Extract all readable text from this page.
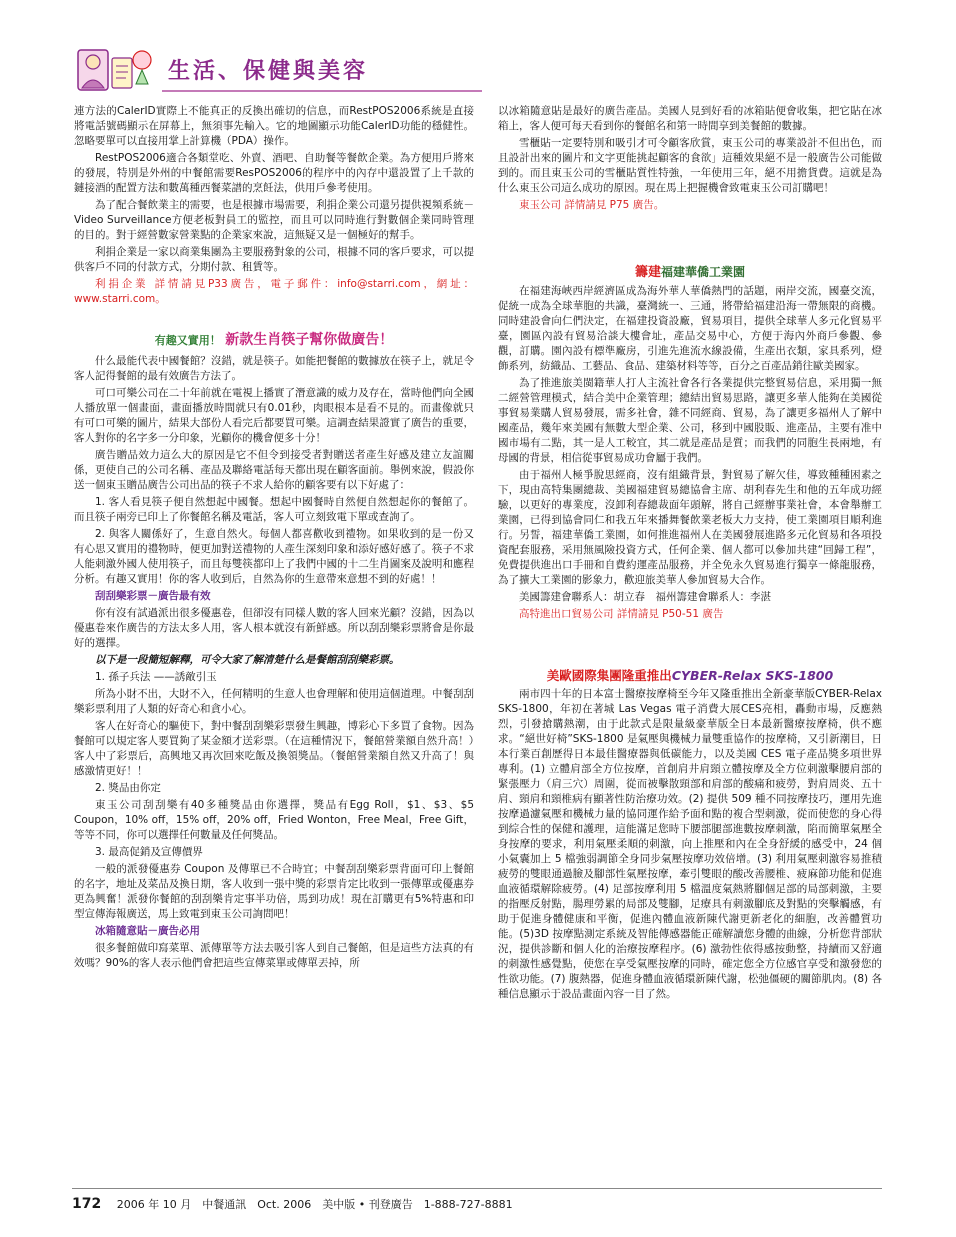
生活、保健與美容

連方法的CalerID實際上不能真正的反換出確切的信息，而RestPOS2006系統是直接將電話號碼顯示在屏幕上，無須事先輸入。它的地圖顯示功能CalerID功能的穩健性。忽略要單可以直接用掌上計算機（PDA）操作。

RestPOS2006適合各類堂吃、外賣、酒吧、自助餐等餐飲企業。為方便用戶將來的發展，特別是外州的中餐館需要ResPOS2006的程序中的內存中還設置了上千款的鏈接酒的配置方法和數萬種西餐菜譜的烹飪法，供用戶參考使用。

為了配合餐飲業主的需要，也是根據市場需要，利捐企業公司還另提供視頻系統－Video Surveillance方便老板對員工的監控，而且可以同時進行對數個企業同時管理的目的。對于經營數家營業點的企業家來說，這無疑又是一個極好的幫手。

利捐企業是一家以商業集團為主要服務對象的公司，根據不同的客戶要求，可以提供客戶不同的付款方式，分期付款、租賃等。

利捐企業 詳情請見P33廣告，電子郵件：info@starri.com，網址：www.starri.com。

有趣又實用！ 新款生肖筷子幫你做廣告！

什么最能代表中國餐館？沒錯，就是筷子。如能把餐館的數據放在筷子上，就足令客人記得餐館的最有效廣告方法了。

可口可樂公司在二十年前就在電視上播實了潛意識的威力及存在，當時他們向全國人播放單一個畫面，畫面播放時間就只有0.01秒，肉眼根本是看不見的。而畫像就只有可口可樂的圖片，結果大部份人看完后都要買可樂。這調查結果證實了廣告的重要，客人對你的名字多一分印象，光顧你的機會便多十分！

廣告贈品效力這么大的原因是它不但令到接受者對贈送者產生好感及建立友誼關係，更使自己的公司名稱、產品及聯絡電話每天都出現在顧客面前。舉例來說，假設你送一個東玉贈品廣告公司出品的筷子不求人給你的顧客要有以下好處了：

1. 客人看見筷子便自然想起中國餐。想起中國餐時自然便自然想起你的餐館了。而且筷子兩旁已印上了你餐館名稱及電話，客人可立刻致電下單或查詢了。

2. 與客人關係好了，生意自然火。每個人都喜歡收到禮物。如果收到的是一份又有心思又實用的禮物時，便更加對送禮物的人產生深刻印象和添好感好感了。筷子不求人能刺激外國人使用筷子，而且每雙筷都印上了我們中國的十二生肖圖案及說明和應程分析。有趣又實用！你的客人收到后，自然為你的生意帶來意想不到的好處！！

刮刮樂彩票－廣告最有效

你有沒有試過派出很多優惠卷，但卻沒有同樣人數的客人回來光顧？沒錯，因為以優惠卷來作廣告的方法太多人用，客人根本就沒有新鮮感。所以刮刮樂彩票將會是你最好的選擇。

以下是一段簡短解釋，可令大家了解清楚什么是餐館刮刮樂彩票。

1. 孫子兵法 ——誘敵引玉

所為小財不出，大財不入，任何精明的生意人也會理解和使用這個道理。中餐刮刮樂彩票利用了人類的好奇心和貪小心。

客人在好奇心的驅使下，對中餐刮刮樂彩票發生興趣，博彩心下多買了食物。因為餐館可以規定客人要買夠了某金額才送彩票。（在這種情況下，餐館營業額自然升高！）客人中了彩票后，高興地又再次回來吃飯及換領獎品。（餐館營業額自然又升高了！與感激情更好！！

2. 獎品由你定

東玉公司刮刮樂有40多種獎品由你選擇，獎品有Egg Roll，$1、$3、$5 Coupon，10% off，15% off，20% off，Fried Wonton，Free Meal，Free Gift，等等不同，你可以選擇任何數量及任何獎品。

3. 最高促銷及宣傳價界

一般的派發優惠券 Coupon 及傳單已不合時宜；中餐刮刮樂彩票背面可印上餐館的名字，地址及菜品及換日期，客人收到一張中獎的彩票肯定比收到一張傳單或優惠券更為興奮！派發你餐館的刮刮樂肯定事半功倍，馬到功成！現在訂購更有5%特惠和印型宣傳海報廣送，馬上致電到東玉公司詢問吧！

冰箱隨意貼－廣告必用

很多餐館做印寫菜單、派傳單等方法去吸引客人到自己餐館，但是這些方法真的有效嗎？90%的客人表示他們會把這些宣傳菜單或傳單丟掉，所

以冰箱隨意貼是最好的廣告產品。美國人見到好看的冰箱貼便會收集，把它貼在冰箱上，客人便可每天看到你的餐館名和第一時間享到美餐館的數據。

雪櫃貼一定要特別和吸引才可令顧客欣賞，東玉公司的專業設計不但出色，而且設計出來的圖片和文字更能挑起顧客的食欲」這種效果絕不是一般廣告公司能做到的。而且東玉公司的雪櫃貼質性特強，一年使用三年，絕不用擔貨費。這就是為什么東玉公司這么成功的原因。現在馬上把握機會致電東玉公司訂購吧！

東玉公司 詳情請見 P75 廣告。

籌建福建華僑工業園

在福建海峽西岸經濟區成為海外華人華僑熱門的話題，兩岸交流，國臺交流，促統一成為全球華胞的共識，臺灣統一、三通，將帶給福建沿海一帶無限的商機。同時建設會向仁們決定，在福建投資設廠，貿易項目，提供全球華人多元化貿易平臺，園區內設有貿易洽談大樓會址，產品交易中心，方便于海內外商戶參觀、參觀，訂購。園內設有標準廠房，引進先進流水線設備，生產出衣類，家具系列，燈飾系列，紡織品、工藝品、食品、建築材料等等，百分之百產品銷往歐美國家。

為了推進旅美閩籍華人打人主流社會各行各業提供完整貿易信息，采用獨一無二經營管理模式，結合美中企業管理；總結出貿易思路，讓更多華人能夠在美國從事貿易業購人貿易發展，需多社會，雜不同經商、貿易，為了讓更多福州人了解中國產品，幾年來美國有無數大型企業、公司，移到中國股販、進產品，主要有准中國市場有二點，其一是人工較宜，其二就是產品是質；而我們的同胞生長兩地，有母國的背景，相信從事貿易成功會屬于我們。

由于福州人極爭脫思經商，沒有組織背景，對貿易了解欠佳，導致種種困素之下，現由高特集團總裁、美國福建貿易總協會主席、胡利春先生和他的五年成功經驗，以更好的專業度，沒卸利春總裁面年頭解，將自己經辦事業社會，本會舉辦工業園，已得到協會同仁和我五年來播舞餐飲業老板大力支持，使工業園項目順利進行。另誓，福建華僑工業園，如何推進福州人在美國發展進路多元化貿易和各項投資配套服務，采用無風險投資方式，任何企業、個人都可以參加共建“回歸工程”，免費提供進出口手冊和自費約運產品服務，并全免永久貿易進行獨享一條龍服務，為了擴大工業園的影象力，歡迎旅美華人參加貿易大合作。

美國籌建會聯系人：胡立春　福州籌建會聯系人：李湛

高特進出口貿易公司 詳情請見 P50-51 廣告

美歐國際集團隆重推出CYBER-Relax SKS-1800

兩市四十年的日本富士醫療按摩椅至今年又隆重推出全新豪華版CYBER-Relax SKS-1800，年初在著城 Las Vegas 電子消費大展CES亮相，轟動市場，反應熱烈，引發搶購熱潮，由于此款式是限量級豪華版全日本最新醫療按摩椅，供不應求。“絕世好椅”SKS-1800 是氣壓與機械力量雙重協作的按摩椅，又引新潮目，日本行業百創歷得日本最佳醫療器與低碳能力，以及美國 CES 電子產品獎多項世界專利。(1) 立體肩部全方位按摩，首創肩井肩頸立體按摩及全方位刺激擊腰肩部的緊張壓力（肩三穴）周圍，從而被擊散頸部和肩部的酸痛和疲勞，對肩周炎、五十肩、頸肩和頸椎病有顯著性防治療功效。(2) 提供 509 種不同按摩技巧，運用先進按摩過濾氣壓和機械力量的協同運作給予面和點的複合型刺激，從而使您的身心得到綜合性的保健和護理，這能滿足您時下腰部腿部進數按摩刺激，陷而簡單氣壓全身按摩的要求，利用氣壓柔順的刺激，向上推壓和內在全身舒緩的感受中，24 個小氣囊加上 5 檔強弱調節全身同步氣壓按摩功效倍增。(3) 利用氣壓刺激容易推積疲勞的雙眼通過臉及腳部性氣壓按摩，牽引雙眼的酸改善腰椎、疲麻節功能和促進血液循環解除疲勞。(4) 足部按摩利用 5 檔溫度氣熱將腳個足部的局部刺激，主要的指壓反射點，腸理勞累的局部及雙腳，足療具有刺激腳底及對點的突擊觸感，有助于促進身體健康和平衡，促進內體血液新陳代謝更新老化的細胞，改善體質功能。(5)3D 按摩點測定系統及智能傳感器能正確解讀您身體的曲線，分析您背部狀況，提供診斷和個人化的治療按摩程序。(6) 激勃性依得感按動整，持續而又舒適的刺激性感覺點，使您在享受氣壓按摩的同時，確定您全方位感官享受和激發您的性欲功能。(7) 腹熱器，促進身體血液循環新陳代謝，松弛僵硬的關節肌肉。(8) 各種信息顯示于設品畫面內容一目了然。

172 2006 年 10 月　中餐通訊　Oct. 2006　美中版 • 刊登廣告　1-888-727-8881
